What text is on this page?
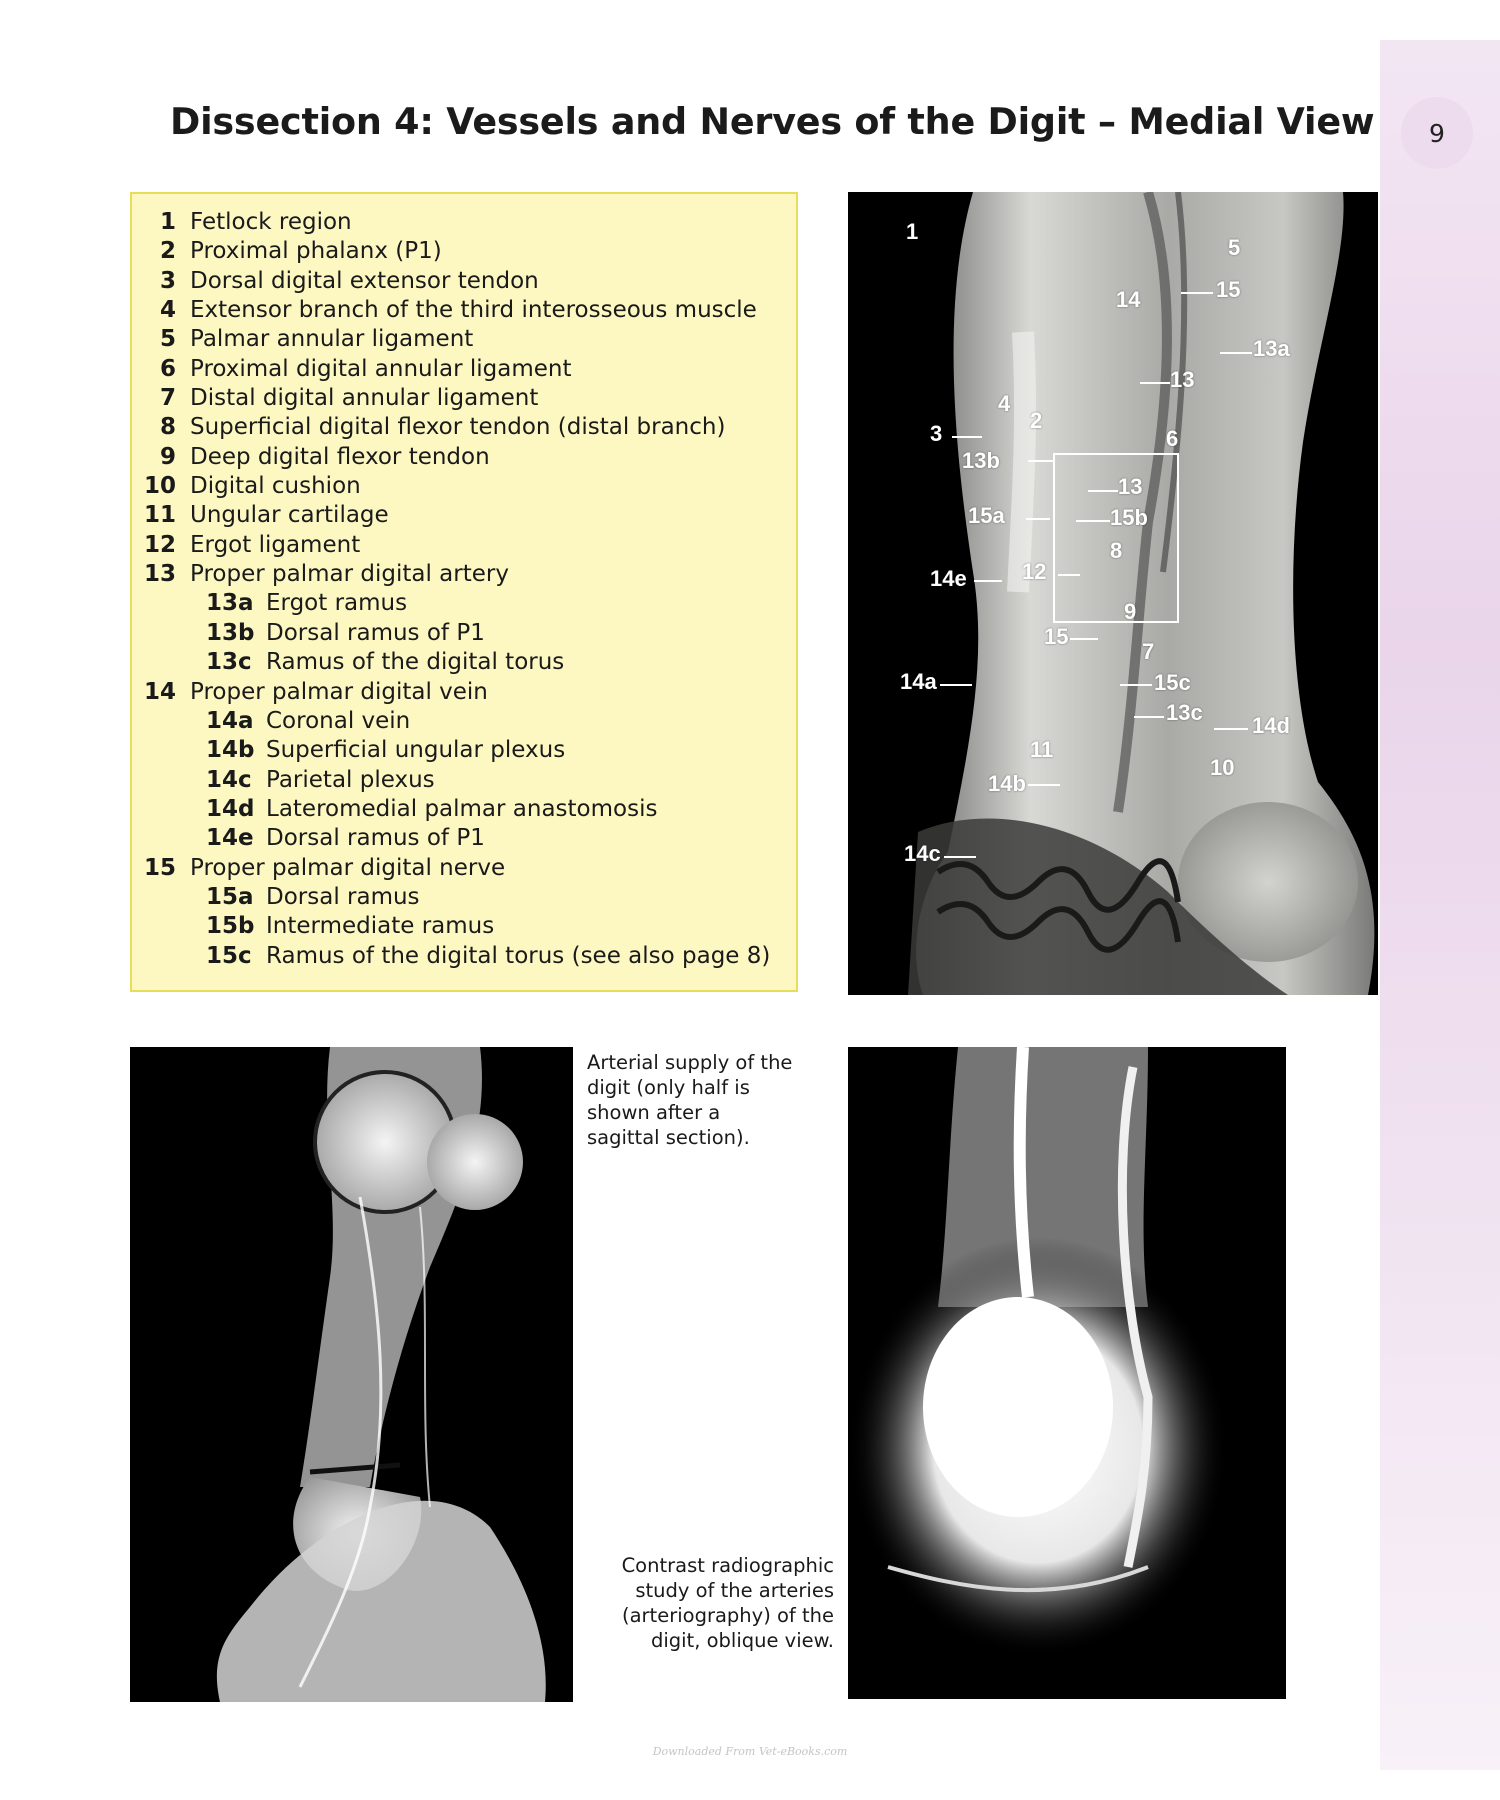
9
Dissection 4: Vessels and Nerves of the Digit – Medial View
1 Fetlock region
2 Proximal phalanx (P1)
3 Dorsal digital extensor tendon
4 Extensor branch of the third interosseous muscle
5 Palmar annular ligament
6 Proximal digital annular ligament
7 Distal digital annular ligament
8 Superficial digital flexor tendon (distal branch)
9 Deep digital flexor tendon
10 Digital cushion
11 Ungular cartilage
12 Ergot ligament
13 Proper palmar digital artery
13a Ergot ramus
13b Dorsal ramus of P1
13c Ramus of the digital torus
14 Proper palmar digital vein
14a Coronal vein
14b Superficial ungular plexus
14c Parietal plexus
14d Lateromedial palmar anastomosis
14e Dorsal ramus of P1
15 Proper palmar digital nerve
15a Dorsal ramus
15b Intermediate ramus
15c Ramus of the digital torus (see also page 8)
1
5
15
14
13a
13
4
2
6
3
13b
13
15a	15b
8
14e	12
9
15
7
14a	15c
13c
14d
11
10
14b
14c
Arterial supply of the digit (only half is shown after a sagittal section).
Contrast radiographic study of the arteries (arteriography) of the digit, oblique view.
Downloaded From Vet-eBooks.com
